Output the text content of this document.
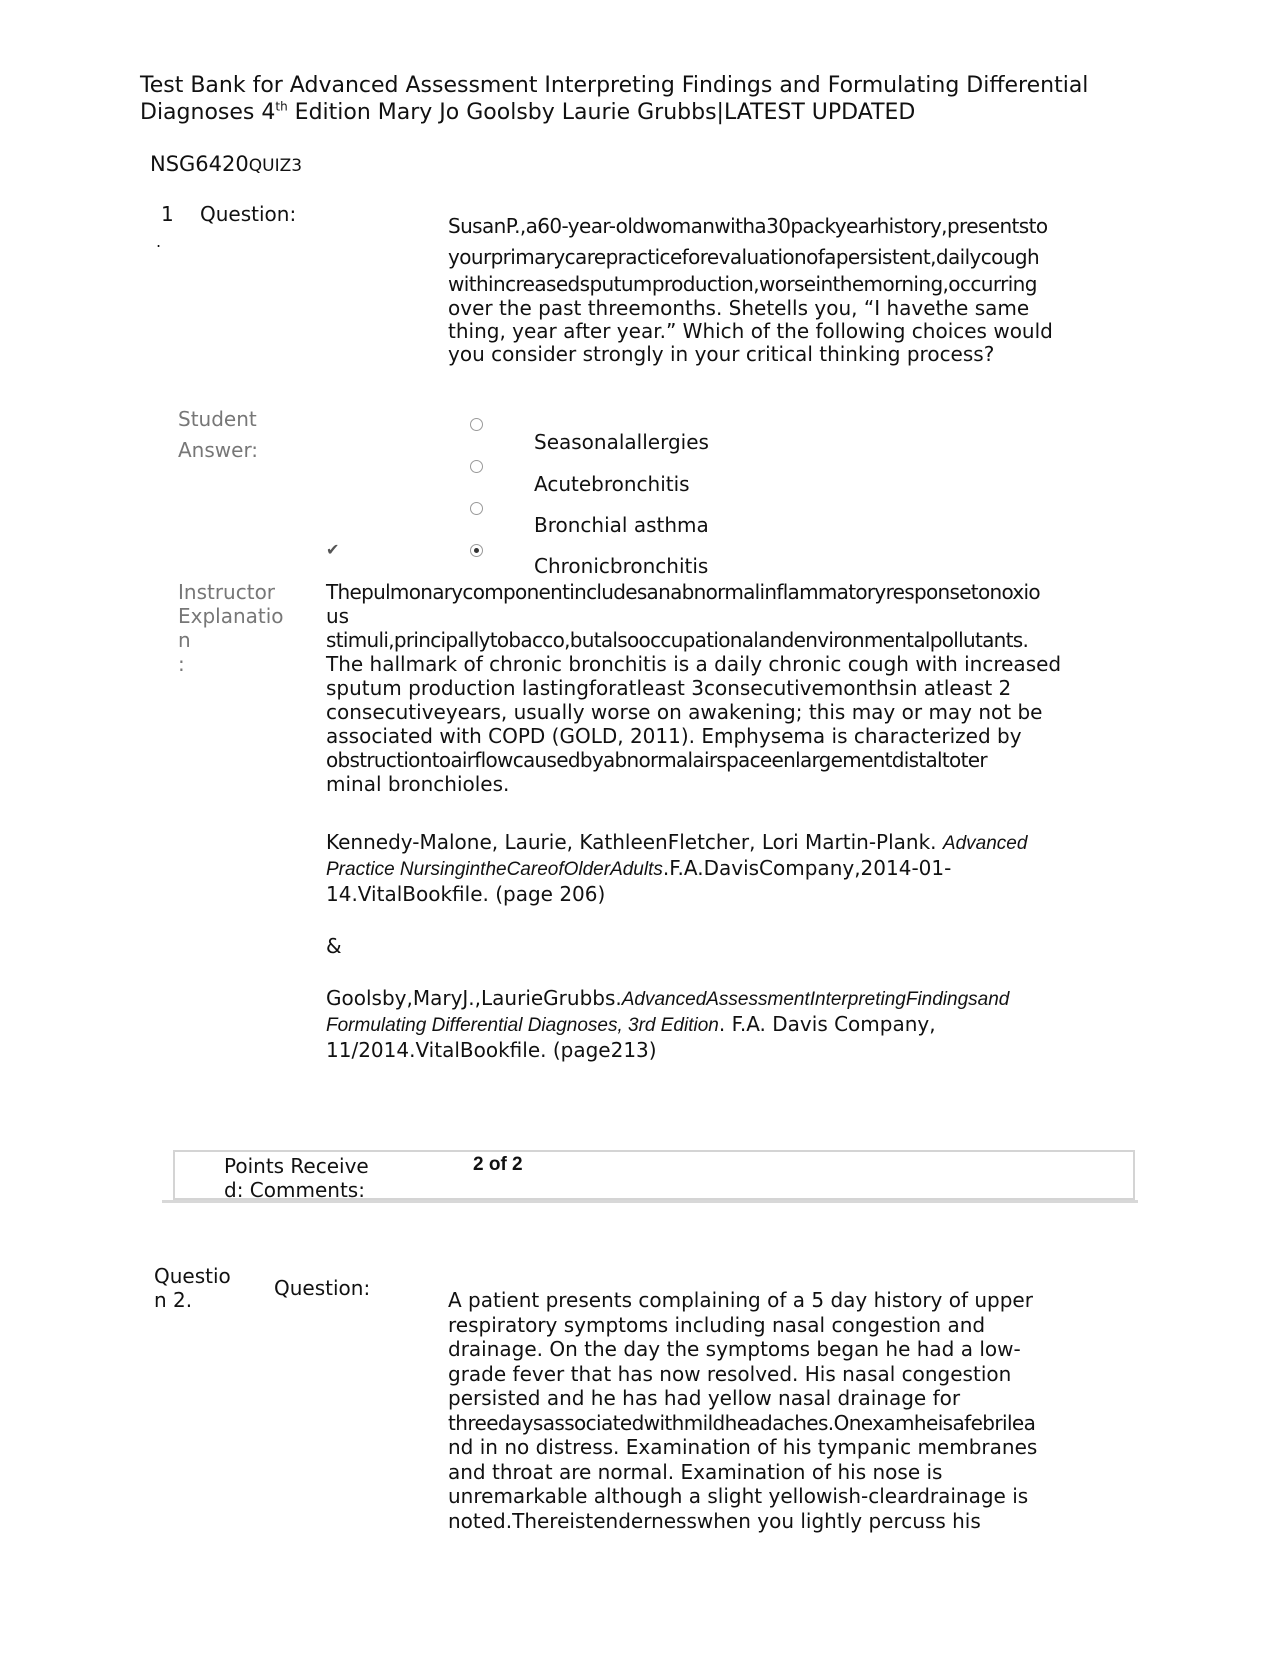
Test Bank for Advanced Assessment Interpreting Findings and Formulating Differential Diagnoses 4th Edition Mary Jo Goolsby Laurie Grubbs|LATEST UPDATED
NSG6420QUIZ3
1
.
Question:	SusanP.,a60-year-oldwomanwitha30packyearhistory,presentsto
yourprimarycarepracticeforevaluationofapersistent,dailycough
withincreasedsputumproduction,worseinthemorning,occurring
over the past threemonths. Shetells you, “I havethe same
thing, year after year.” Which of the following choices would
you consider strongly in your critical thinking process?
Student
Answer:	Seasonalallergies
Acutebronchitis
Bronchial asthma
✔
Chronicbronchitis
Instructor
Explanatio
n
:
Thepulmonarycomponentincludesanabnormalinflammatoryresponsetonoxio
us
stimuli,principallytobacco,butalsooccupationalandenvironmentalpollutants.
The hallmark of chronic bronchitis is a daily chronic cough with increased
sputum production lastingforatleast 3consecutivemonthsin atleast 2
consecutiveyears, usually worse on awakening; this may or may not be
associated with COPD (GOLD, 2011). Emphysema is characterized by
obstructiontoairflowcausedbyabnormalairspaceenlargementdistaltoter
minal bronchioles.
Kennedy-Malone, Laurie, KathleenFletcher, Lori Martin-Plank. Advanced
Practice NursingintheCareofOlderAdults.F.A.DavisCompany,2014-01-
14.VitalBookfile. (page 206)
&
Goolsby,MaryJ.,LaurieGrubbs.AdvancedAssessmentInterpretingFindingsand
Formulating Differential Diagnoses, 3rd Edition. F.A. Davis Company,
11/2014.VitalBookfile. (page213)
Points Receive
d: Comments:
2 of 2
Questio
n 2.	Question:	A patient presents complaining of a 5 day history of upper
respiratory symptoms including nasal congestion and
drainage. On the day the symptoms began he had a low-
grade fever that has now resolved. His nasal congestion
persisted and he has had yellow nasal drainage for
threedaysassociatedwithmildheadaches.Onexamheisafebrilea
nd in no distress. Examination of his tympanic membranes
and throat are normal. Examination of his nose is
unremarkable although a slight yellowish-cleardrainage is
noted.Thereistendernesswhen you lightly percuss his
